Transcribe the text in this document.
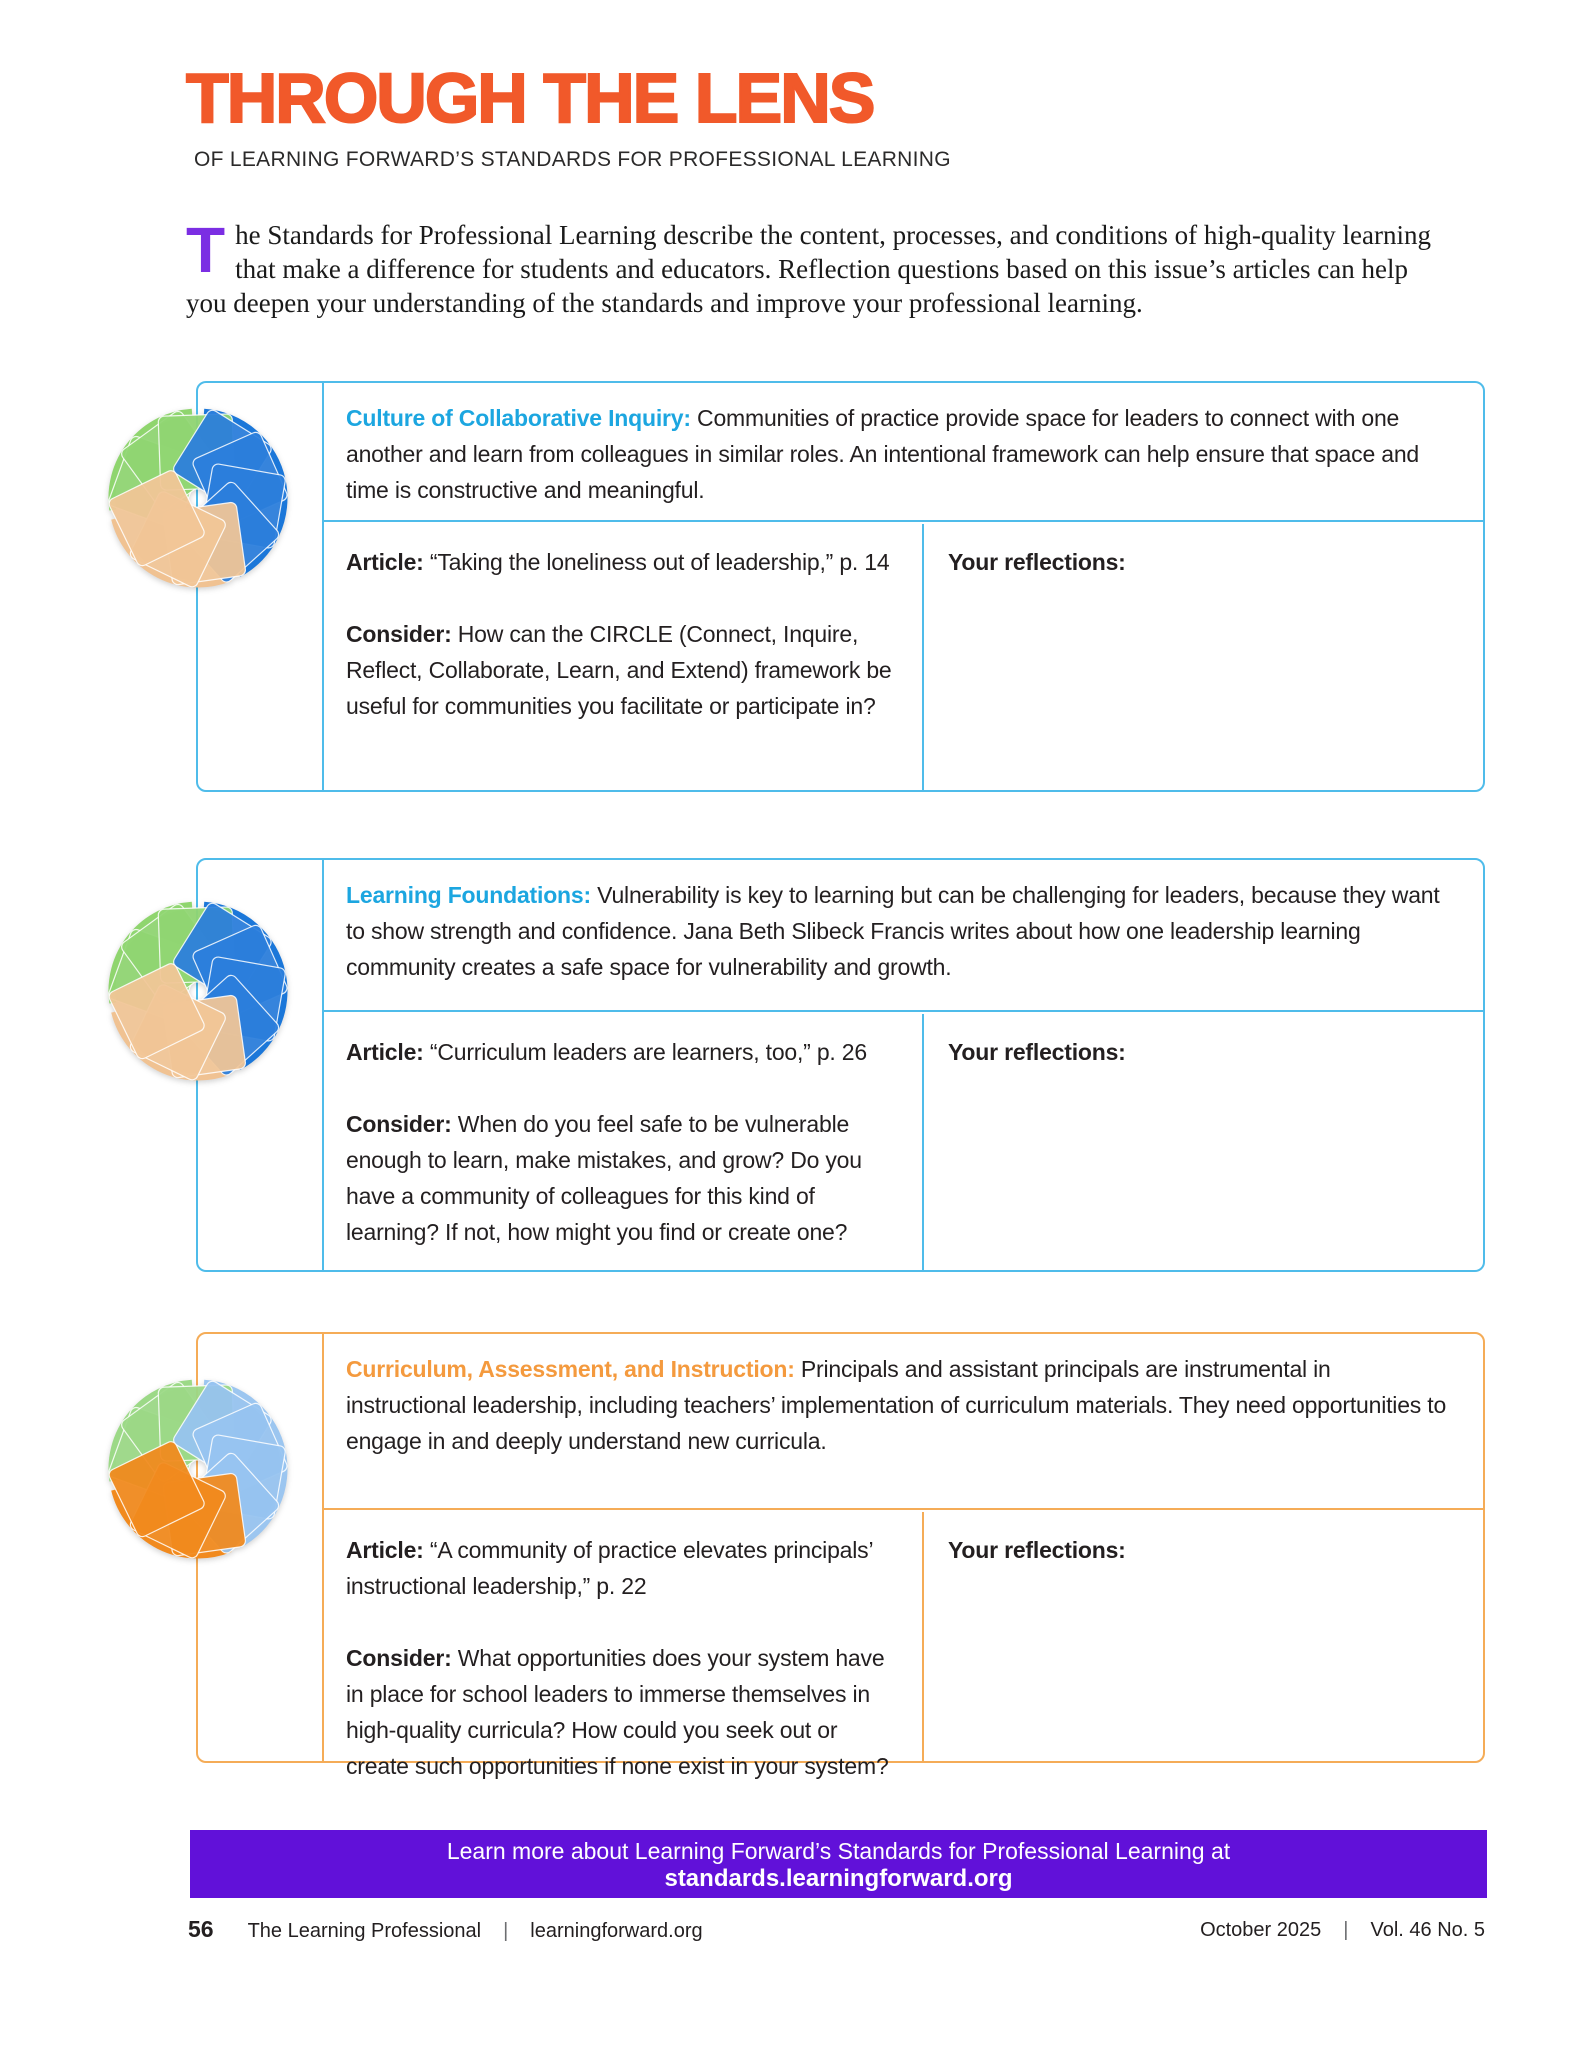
THROUGH THE LENS
OF LEARNING FORWARD’S STANDARDS FOR PROFESSIONAL LEARNING

The Standards for Professional Learning describe the content, processes, and conditions of high-quality learning that make a difference for students and educators. Reflection questions based on this issue’s articles can help you deepen your understanding of the standards and improve your professional learning.

Culture of Collaborative Inquiry: Communities of practice provide space for leaders to connect with one another and learn from colleagues in similar roles. An intentional framework can help ensure that space and time is constructive and meaningful.

Article: “Taking the loneliness out of leadership,” p. 14

Consider: How can the CIRCLE (Connect, Inquire, Reflect, Collaborate, Learn, and Extend) framework be useful for communities you facilitate or participate in?

Your reflections:
Learning Foundations: Vulnerability is key to learning but can be challenging for leaders, because they want to show strength and confidence. Jana Beth Slibeck Francis writes about how one leadership learning community creates a safe space for vulnerability and growth.

Article: “Curriculum leaders are learners, too,” p. 26

Consider: When do you feel safe to be vulnerable enough to learn, make mistakes, and grow? Do you have a community of colleagues for this kind of learning? If not, how might you find or create one?

Your reflections:
Curriculum, Assessment, and Instruction: Principals and assistant principals are instrumental in instructional leadership, including teachers’ implementation of curriculum materials. They need opportunities to engage in and deeply understand new curricula.

Article: “A community of practice elevates principals’ instructional leadership,” p. 22

Consider: What opportunities does your system have in place for school leaders to immerse themselves in high-quality curricula? How could you seek out or create such opportunities if none exist in your system?

Your reflections:
Learn more about Learning Forward’s Standards for Professional Learning at
standards.learningforward.org
56 The Learning Professional | learningforward.org	October 2025 | Vol. 46 No. 5
